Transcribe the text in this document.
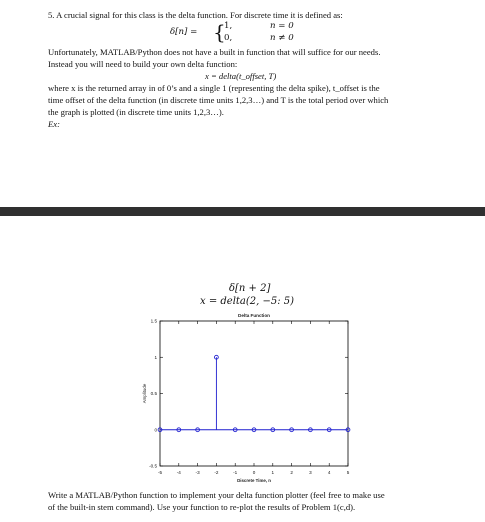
5. A crucial signal for this class is the delta function. For discrete time it is defined as:
δ[n] = {
1,	n = 0
0,	n ≠ 0
Unfortunately, MATLAB/Python does not have a built in function that will suffice for our needs.
Instead you will need to build your own delta function:
x = delta(t_offset, T)
where x is the returned array in of 0’s and a single 1 (representing the delta spike), t_offset is the
time offset of the delta function (in discrete time units 1,2,3…) and T is the total period over which
the graph is plotted (in discrete time units 1,2,3…).
Ex:
δ[n + 2]
x = delta(2, −5: 5)
Delta Function
Discrete Time, n
Amplitude
-5	-4	-3	-2	-1	0	1	2	3	4	5
-0.5
0
0.5
1
1.5
Write a MATLAB/Python function to implement your delta function plotter (feel free to make use
of the built-in stem command). Use your function to re-plot the results of Problem 1(c,d).
